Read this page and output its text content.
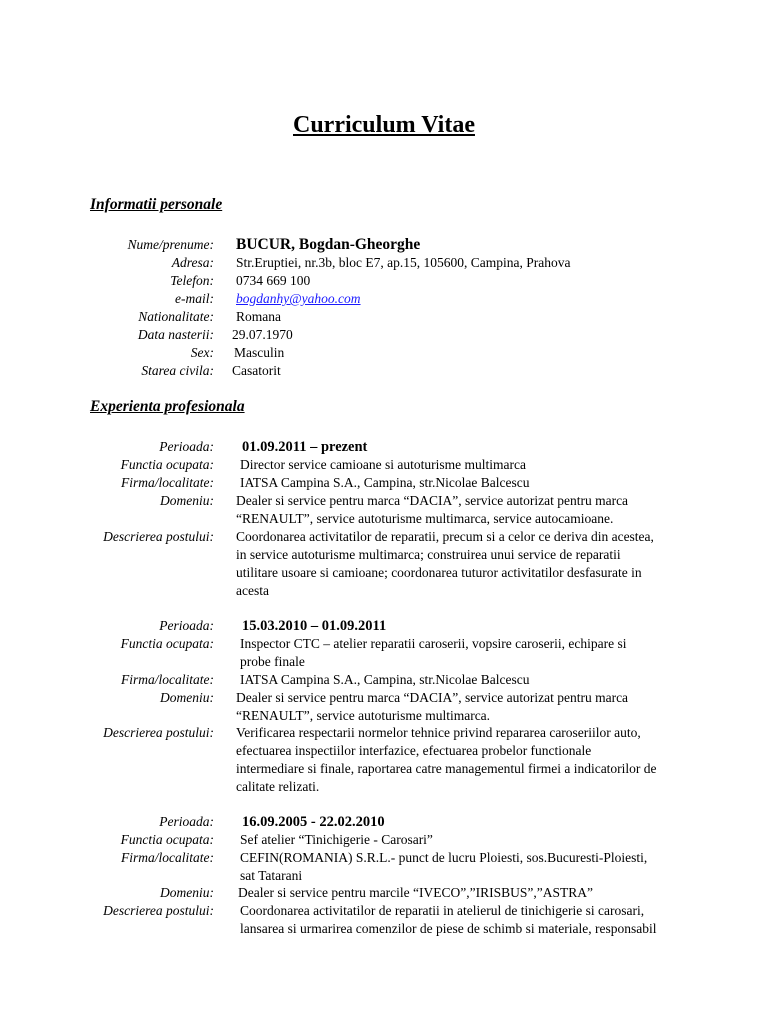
Curriculum Vitae
Informatii personale
Nume/prenume: BUCUR, Bogdan-Gheorghe
Adresa: Str.Eruptiei, nr.3b, bloc E7, ap.15, 105600, Campina, Prahova
Telefon: 0734 669 100
e-mail: bogdanhy@yahoo.com
Nationalitate: Romana
Data nasterii: 29.07.1970
Sex: Masculin
Starea civila: Casatorit
Experienta profesionala
Perioada: 01.09.2011 – prezent
Functia ocupata: Director service camioane si autoturisme multimarca
Firma/localitate: IATSA Campina S.A., Campina, str.Nicolae Balcescu
Domeniu: Dealer si service pentru marca “DACIA”, service autorizat pentru marca
“RENAULT”, service autoturisme multimarca, service autocamioane.
Descrierea postului: Coordonarea activitatilor de reparatii, precum si a celor ce deriva din acestea,
in service autoturisme multimarca; construirea unui service de reparatii
utilitare usoare si camioane; coordonarea tuturor activitatilor desfasurate in
acesta
Perioada: 15.03.2010 – 01.09.2011
Functia ocupata: Inspector CTC – atelier reparatii caroserii, vopsire caroserii, echipare si
probe finale
Firma/localitate: IATSA Campina S.A., Campina, str.Nicolae Balcescu
Domeniu: Dealer si service pentru marca “DACIA”, service autorizat pentru marca
“RENAULT”, service autoturisme multimarca.
Descrierea postului: Verificarea respectarii normelor tehnice privind repararea caroseriilor auto,
efectuarea inspectiilor interfazice, efectuarea probelor functionale
intermediare si finale, raportarea catre managementul firmei a indicatorilor de
calitate relizati.
Perioada: 16.09.2005 - 22.02.2010
Functia ocupata: Sef atelier “Tinichigerie - Carosari”
Firma/localitate: CEFIN(ROMANIA) S.R.L.- punct de lucru Ploiesti, sos.Bucuresti-Ploiesti,
sat Tatarani
Domeniu: Dealer si service pentru marcile “IVECO”,”IRISBUS”,”ASTRA”
Descrierea postului: Coordonarea activitatilor de reparatii in atelierul de tinichigerie si carosari,
lansarea si urmarirea comenzilor de piese de schimb si materiale, responsabil
